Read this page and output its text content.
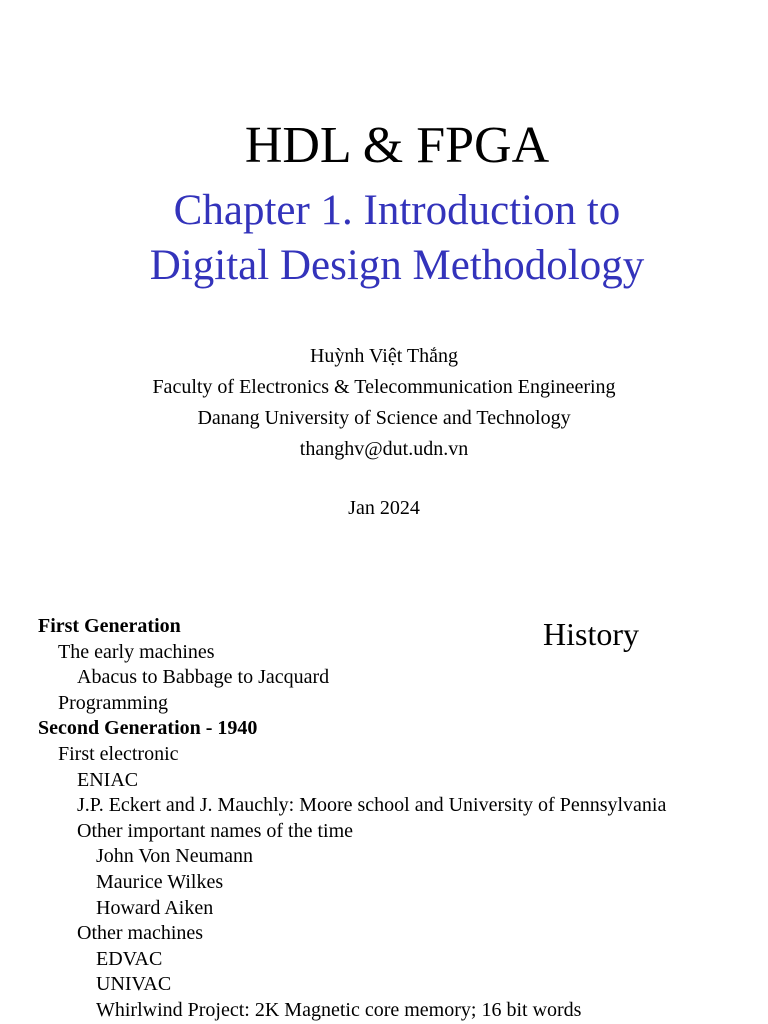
HDL & FPGA
Chapter 1. Introduction to
Digital Design Methodology
Huỳnh Việt Thắng
Faculty of Electronics & Telecommunication Engineering
Danang University of Science and Technology
thanghv@dut.udn.vn
Jan 2024
History
First Generation
The early machines
Abacus to Babbage to Jacquard
Programming
Second Generation - 1940
First electronic
ENIAC
J.P. Eckert and J. Mauchly: Moore school and University of Pennsylvania
Other important names of the time
John Von Neumann
Maurice Wilkes
Howard Aiken
Other machines
EDVAC
UNIVAC
Whirlwind Project: 2K Magnetic core memory; 16 bit words
